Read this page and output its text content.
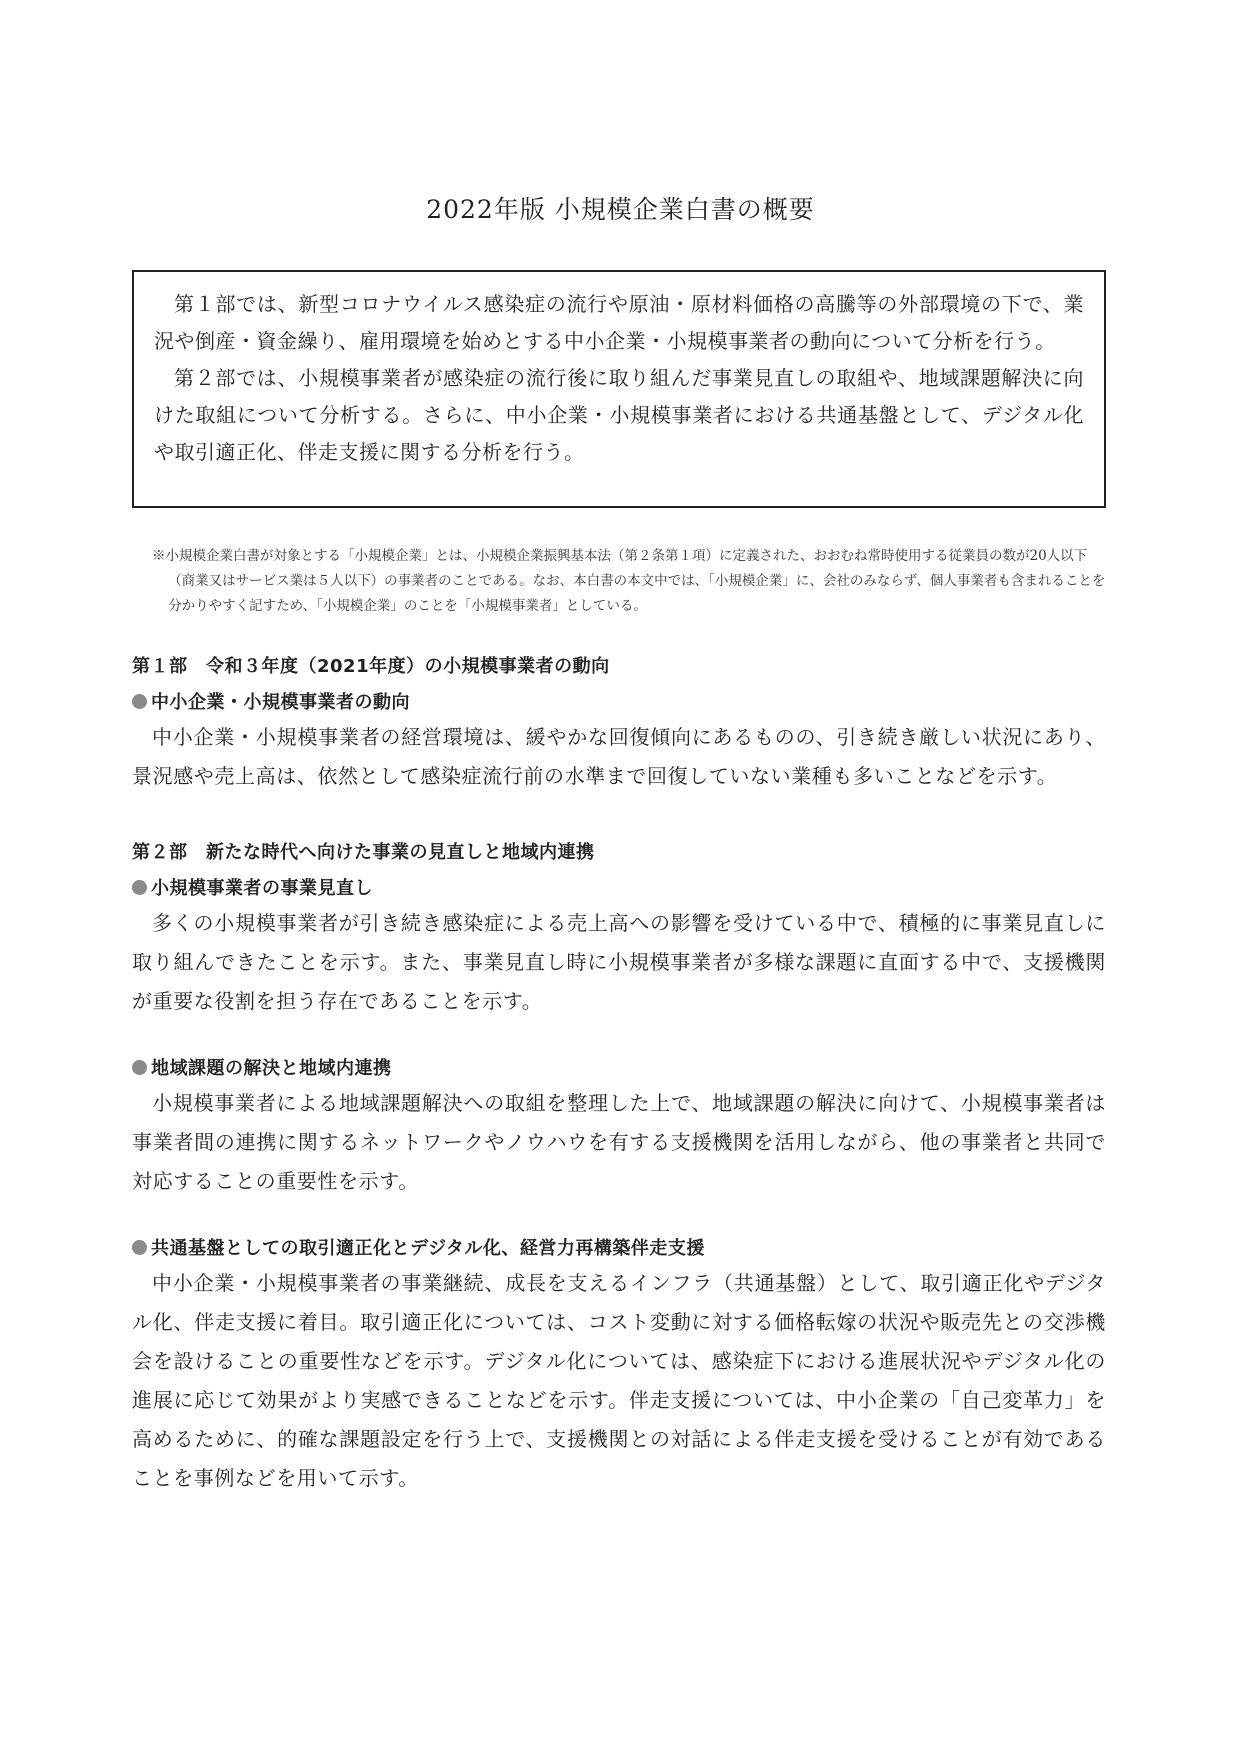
2022年版 小規模企業白書の概要

第１部では、新型コロナウイルス感染症の流行や原油・原材料価格の高騰等の外部環境の下で、業況や倒産・資金繰り、雇用環境を始めとする中小企業・小規模事業者の動向について分析を行う。

第２部では、小規模事業者が感染症の流行後に取り組んだ事業見直しの取組や、地域課題解決に向けた取組について分析する。さらに、中小企業・小規模事業者における共通基盤として、デジタル化や取引適正化、伴走支援に関する分析を行う。

※小規模企業白書が対象とする「小規模企業」とは、小規模企業振興基本法（第２条第１項）に定義された、おおむね常時使用する従業員の数が20人以下（商業又はサービス業は５人以下）の事業者のことである。なお、本白書の本文中では、「小規模企業」に、会社のみならず、個人事業者も含まれることを分かりやすく記すため、「小規模企業」のことを「小規模事業者」としている。

第１部　令和３年度（2021年度）の小規模事業者の動向
中小企業・小規模事業者の動向

中小企業・小規模事業者の経営環境は、緩やかな回復傾向にあるものの、引き続き厳しい状況にあり、景況感や売上高は、依然として感染症流行前の水準まで回復していない業種も多いことなどを示す。

第２部　新たな時代へ向けた事業の見直しと地域内連携
小規模事業者の事業見直し

多くの小規模事業者が引き続き感染症による売上高への影響を受けている中で、積極的に事業見直しに取り組んできたことを示す。また、事業見直し時に小規模事業者が多様な課題に直面する中で、支援機関が重要な役割を担う存在であることを示す。

地域課題の解決と地域内連携

小規模事業者による地域課題解決への取組を整理した上で、地域課題の解決に向けて、小規模事業者は事業者間の連携に関するネットワークやノウハウを有する支援機関を活用しながら、他の事業者と共同で対応することの重要性を示す。

共通基盤としての取引適正化とデジタル化、経営力再構築伴走支援

中小企業・小規模事業者の事業継続、成長を支えるインフラ（共通基盤）として、取引適正化やデジタル化、伴走支援に着目。取引適正化については、コスト変動に対する価格転嫁の状況や販売先との交渉機会を設けることの重要性などを示す。デジタル化については、感染症下における進展状況やデジタル化の進展に応じて効果がより実感できることなどを示す。伴走支援については、中小企業の「自己変革力」を高めるために、的確な課題設定を行う上で、支援機関との対話による伴走支援を受けることが有効であることを事例などを用いて示す。
